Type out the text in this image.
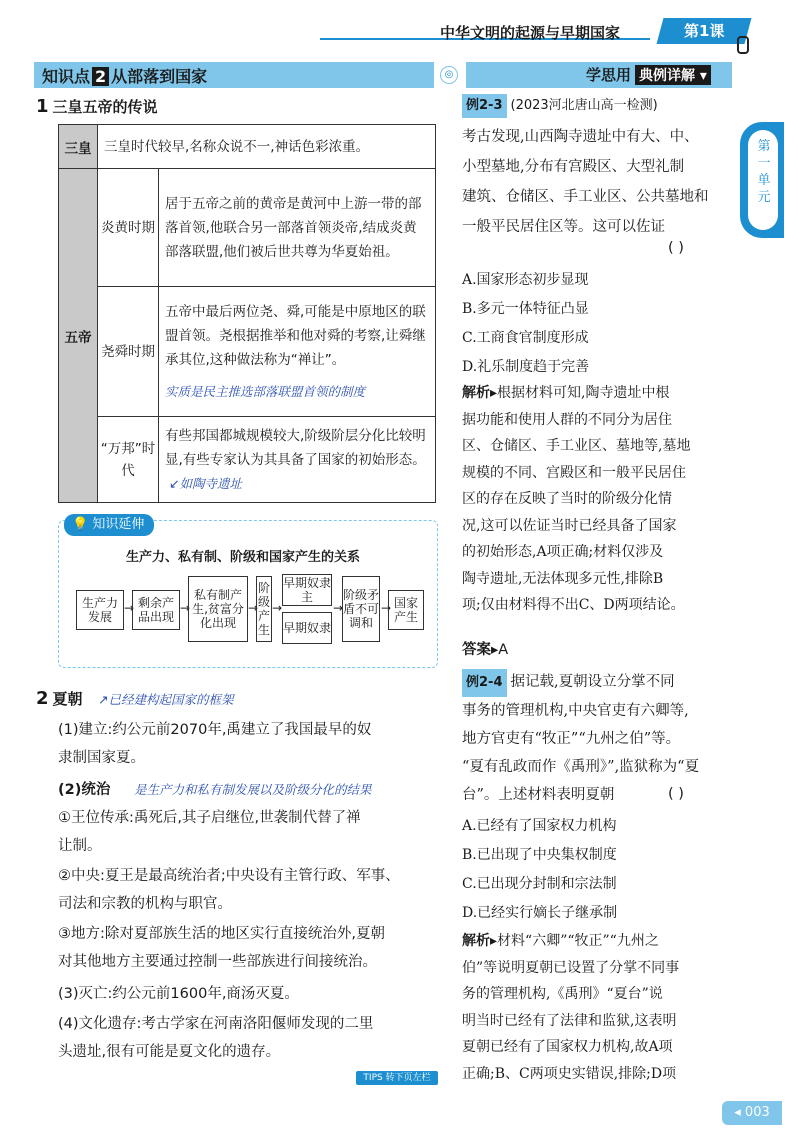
中华文明的起源与早期国家	第1课
知识点 2 从部落到国家	◎	学思用 典例详解 ▾
第一单元
1 三皇五帝的传说
三皇	三皇时代较早,名称众说不一,神话色彩浓重。	
五帝	炎黄时期	居于五帝之前的黄帝是黄河中上游一带的部落首领,他联合另一部落首领炎帝,结成炎黄部落联盟,他们被后世共尊为华夏始祖。
	尧舜时期	五帝中最后两位尧、舜,可能是中原地区的联盟首领。尧根据推举和他对舜的考察,让舜继承其位,这种做法称为“禅让”。
实质是民主推选部落联盟首领的制度

	“万邦”时代	有些邦国都城规模较大,阶级阶层分化比较明显,有些专家认为其具备了国家的初始形态。↙如陶寺遗址
💡 知识延伸
生产力、私有制、阶级和国家产生的关系
生产力发展
→ 剩余产品出现
→
私有制产生,贫富分化出现
→
阶级产生
→
早期奴隶主
早期奴隶
→
阶级矛盾不可调和
→ 国家产生
2 夏朝 ↗已经建构起国家的框架
(1)建立:约公元前2070年,禹建立了我国最早的奴
隶制国家夏。
(2)统治 是生产力和私有制发展以及阶级分化的结果
①王位传承:禹死后,其子启继位,世袭制代替了禅
让制。
②中央:夏王是最高统治者;中央设有主管行政、军事、
司法和宗教的机构与职官。
③地方:除对夏部族生活的地区实行直接统治外,夏朝
对其他地方主要通过控制一些部族进行间接统治。
(3)灭亡:约公元前1600年,商汤灭夏。
(4)文化遗存:考古学家在河南洛阳偃师发现的二里
头遗址,很有可能是夏文化的遗存。
TIPS 转下页左栏
例2-3 (2023河北唐山高一检测)
考古发现,山西陶寺遗址中有大、中、
小型墓地,分布有宫殿区、大型礼制
建筑、仓储区、手工业区、公共墓地和
一般平民居住区等。这可以佐证
( )
A.国家形态初步显现
B.多元一体特征凸显
C.工商食官制度形成
D.礼乐制度趋于完善
解析▸根据材料可知,陶寺遗址中根
据功能和使用人群的不同分为居住
区、仓储区、手工业区、墓地等,墓地
规模的不同、宫殿区和一般平民居住
区的存在反映了当时的阶级分化情
况,这可以佐证当时已经具备了国家
的初始形态,A项正确;材料仅涉及
陶寺遗址,无法体现多元性,排除B
项;仅由材料得不出C、D两项结论。
答案▸A
例2-4 据记载,夏朝设立分掌不同
事务的管理机构,中央官吏有六卿等,
地方官吏有“牧正”“九州之伯”等。
“夏有乱政而作《禹刑》”,监狱称为“夏
台”。上述材料表明夏朝	( )
A.已经有了国家权力机构
B.已出现了中央集权制度
C.已出现分封制和宗法制
D.已经实行嫡长子继承制
解析▸材料“六卿”“牧正”“九州之
伯”等说明夏朝已设置了分掌不同事
务的管理机构,《禹刑》“夏台”说
明当时已经有了法律和监狱,这表明
夏朝已经有了国家权力机构,故A项
正确;B、C两项史实错误,排除;D项
◂ 003
